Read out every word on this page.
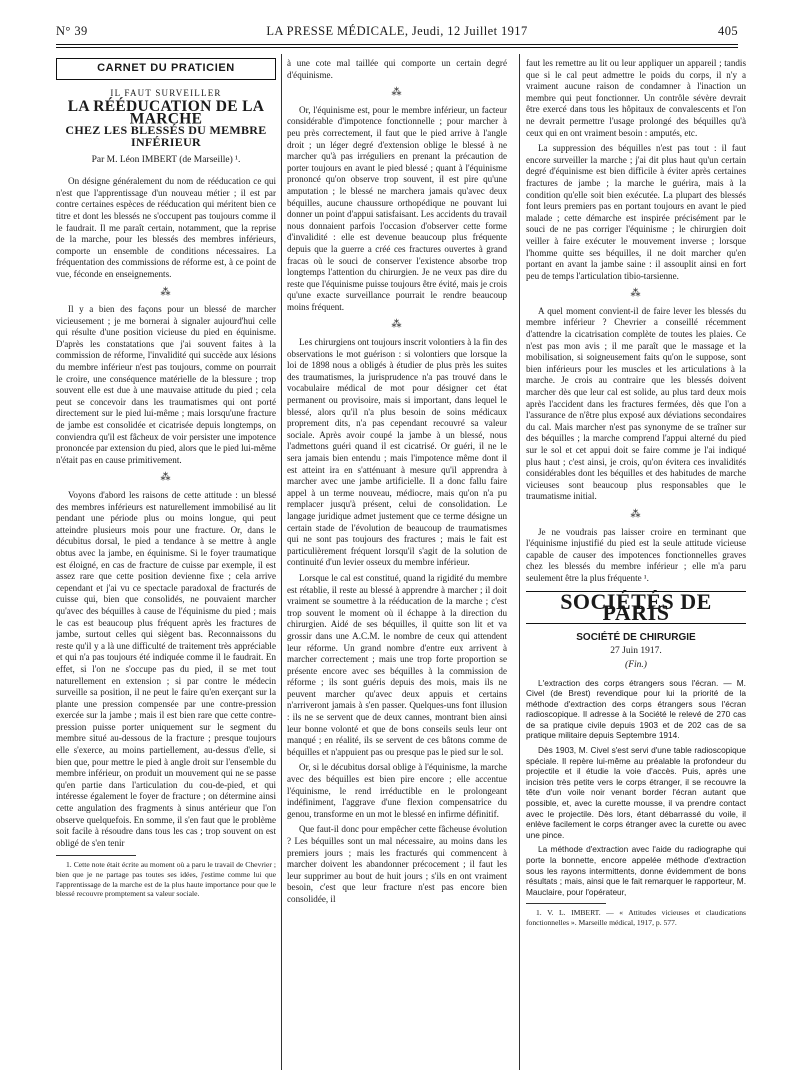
N° 39	LA PRESSE MÉDICALE, Jeudi, 12 Juillet 1917	405
CARNET DU PRATICIEN
IL FAUT SURVEILLER
LA RÉÉDUCATION DE LA MARCHE
CHEZ LES BLESSÉS DU MEMBRE INFÉRIEUR
Par M. Léon IMBERT (de Marseille) ¹.

On désigne généralement du nom de rééducation ce qui n'est que l'apprentissage d'un nouveau métier ; il est par contre certaines espèces de rééducation qui méritent bien ce titre et dont les blessés ne s'occupent pas toujours comme il le faudrait. Il me paraît certain, notamment, que la reprise de la marche, pour les blessés des membres inférieurs, comporte un ensemble de conditions nécessaires. La fréquentation des commissions de réforme est, à ce point de vue, féconde en enseignements.

⁂

Il y a bien des façons pour un blessé de marcher vicieusement ; je me bornerai à signaler aujourd'hui celle qui résulte d'une position vicieuse du pied en équinisme. D'après les constatations que j'ai souvent faites à la commission de réforme, l'invalidité qui succède aux lésions du membre inférieur n'est pas toujours, comme on pourrait le croire, une conséquence matérielle de la blessure ; trop souvent elle est due à une mauvaise attitude du pied ; cela peut se concevoir dans les traumatismes qui ont porté directement sur le pied lui-même ; mais lorsqu'une fracture de jambe est consolidée et cicatrisée depuis longtemps, on conviendra qu'il est fâcheux de voir persister une impotence prononcée par extension du pied, alors que le pied lui-même n'était pas en cause primitivement.

⁂

Voyons d'abord les raisons de cette attitude : un blessé des membres inférieurs est naturellement immobilisé au lit pendant une période plus ou moins longue, qui peut atteindre plusieurs mois pour une fracture. Or, dans le décubitus dorsal, le pied a tendance à se mettre à angle obtus avec la jambe, en équinisme. Si le foyer traumatique est éloigné, en cas de fracture de cuisse par exemple, il est assez rare que cette position devienne fixe ; cela arrive cependant et j'ai vu ce spectacle paradoxal de fracturés de cuisse qui, bien que consolidés, ne pouvaient marcher qu'avec des béquilles à cause de l'équinisme du pied ; mais le cas est beaucoup plus fréquent après les fractures de jambe, surtout celles qui siègent bas. Reconnaissons du reste qu'il y a là une difficulté de traitement très appréciable et qui n'a pas toujours été indiquée comme il le faudrait. En effet, si l'on ne s'occupe pas du pied, il se met tout naturellement en extension ; si par contre le médecin surveille sa position, il ne peut le faire qu'en exerçant sur la plante une pression compensée par une contre-pression exercée sur la jambe ; mais il est bien rare que cette contre-pression puisse porter uniquement sur le segment du membre situé au-dessous de la fracture ; presque toujours elle s'exerce, au moins partiellement, au-dessus d'elle, si bien que, pour mettre le pied à angle droit sur l'ensemble du membre inférieur, on produit un mouvement qui ne se passe qu'en partie dans l'articulation du cou-de-pied, et qui intéresse également le foyer de fracture ; on détermine ainsi cette angulation des fragments à sinus antérieur que l'on observe quelquefois. En somme, il s'en faut que le problème soit facile à résoudre dans tous les cas ; trop souvent on est obligé de s'en tenir

1. Cette note était écrite au moment où a paru le travail de Chevrier ; bien que je ne partage pas toutes ses idées, j'estime comme lui que l'apprentissage de la marche est de la plus haute importance pour que le blessé recouvre promptement sa valeur sociale.

à une cote mal taillée qui comporte un certain degré d'équinisme.

⁂

Or, l'équinisme est, pour le membre inférieur, un facteur considérable d'impotence fonctionnelle ; pour marcher à peu près correctement, il faut que le pied arrive à l'angle droit ; un léger degré d'extension oblige le blessé à ne marcher qu'à pas irréguliers en prenant la précaution de porter toujours en avant le pied blessé ; quant à l'équinisme prononcé qu'on observe trop souvent, il est pire qu'une amputation ; le blessé ne marchera jamais qu'avec deux béquilles, aucune chaussure orthopédique ne pouvant lui donner un point d'appui satisfaisant. Les accidents du travail nous donnaient parfois l'occasion d'observer cette forme d'invalidité : elle est devenue beaucoup plus fréquente depuis que la guerre a créé ces fractures ouvertes à grand fracas où le souci de conserver l'existence absorbe trop longtemps l'attention du chirurgien. Je ne veux pas dire du reste que l'équinisme puisse toujours être évité, mais je crois qu'une exacte surveillance pourrait le rendre beaucoup moins fréquent.

⁂

Les chirurgiens ont toujours inscrit volontiers à la fin des observations le mot guérison : si volontiers que lorsque la loi de 1898 nous a obligés à étudier de plus près les suites des traumatismes, la jurisprudence n'a pas trouvé dans le vocabulaire médical de mot pour désigner cet état permanent ou provisoire, mais si important, dans lequel le blessé, alors qu'il n'a plus besoin de soins médicaux proprement dits, n'a pas cependant recouvré sa valeur sociale. Après avoir coupé la jambe à un blessé, nous l'admettons guéri quand il est cicatrisé. Or guéri, il ne le sera jamais bien entendu ; mais l'impotence même dont il est atteint ira en s'atténuant à mesure qu'il apprendra à marcher avec une jambe artificielle. Il a donc fallu faire appel à un terme nouveau, médiocre, mais qu'on n'a pu remplacer jusqu'à présent, celui de consolidation. Le langage juridique admet justement que ce terme désigne un certain stade de l'évolution de beaucoup de traumatismes qui ne sont pas toujours des fractures ; mais le fait est particulièrement fréquent lorsqu'il s'agit de la solution de continuité d'un levier osseux du membre inférieur.

Lorsque le cal est constitué, quand la rigidité du membre est rétablie, il reste au blessé à apprendre à marcher ; il doit vraiment se soumettre à la rééducation de la marche ; c'est trop souvent le moment où il échappe à la direction du chirurgien. Aidé de ses béquilles, il quitte son lit et va grossir dans une A.C.M. le nombre de ceux qui attendent leur réforme. Un grand nombre d'entre eux arrivent à marcher correctement ; mais une trop forte proportion se présente encore avec ses béquilles à la commission de réforme ; ils sont guéris depuis des mois, mais ils ne peuvent marcher qu'avec deux appuis et certains n'arriveront jamais à s'en passer. Quelques-uns font illusion : ils ne se servent que de deux cannes, montrant bien ainsi leur bonne volonté et que de bons conseils seuls leur ont manqué ; en réalité, ils se servent de ces bâtons comme de béquilles et n'appuient pas ou presque pas le pied sur le sol.

Or, si le décubitus dorsal oblige à l'équinisme, la marche avec des béquilles est bien pire encore ; elle accentue l'équinisme, le rend irréductible en le prolongeant indéfiniment, l'aggrave d'une flexion compensatrice du genou, transforme en un mot le blessé en infirme définitif.

Que faut-il donc pour empêcher cette fâcheuse évolution ? Les béquilles sont un mal nécessaire, au moins dans les premiers jours ; mais les fracturés qui commencent à marcher doivent les abandonner précocement ; il faut les leur supprimer au bout de huit jours ; s'ils en ont vraiment besoin, c'est que leur fracture n'est pas encore bien consolidée, il

faut les remettre au lit ou leur appliquer un appareil ; tandis que si le cal peut admettre le poids du corps, il n'y a vraiment aucune raison de condamner à l'inaction un membre qui peut fonctionner. Un contrôle sévère devrait être exercé dans tous les hôpitaux de convalescents et l'on ne devrait permettre l'usage prolongé des béquilles qu'à ceux qui en ont vraiment besoin : amputés, etc.

La suppression des béquilles n'est pas tout : il faut encore surveiller la marche ; j'ai dit plus haut qu'un certain degré d'équinisme est bien difficile à éviter après certaines fractures de jambe ; la marche le guérira, mais à la condition qu'elle soit bien exécutée. La plupart des blessés font leurs premiers pas en portant toujours en avant le pied malade ; cette démarche est inspirée précisément par le souci de ne pas corriger l'équinisme ; le chirurgien doit veiller à faire exécuter le mouvement inverse ; lorsque l'homme quitte ses béquilles, il ne doit marcher qu'en portant en avant la jambe saine : il assouplit ainsi en fort peu de temps l'articulation tibio-tarsienne.

⁂

A quel moment convient-il de faire lever les blessés du membre inférieur ? Chevrier a conseillé récemment d'attendre la cicatrisation complète de toutes les plaies. Ce n'est pas mon avis ; il me paraît que le massage et la mobilisation, si soigneusement faits qu'on le suppose, sont bien inférieurs pour les muscles et les articulations à la marche. Je crois au contraire que les blessés doivent marcher dès que leur cal est solide, au plus tard deux mois après l'accident dans les fractures fermées, dès que l'on a l'assurance de n'être plus exposé aux déviations secondaires du cal. Mais marcher n'est pas synonyme de se traîner sur des béquilles ; la marche comprend l'appui alterné du pied sur le sol et cet appui doit se faire comme je l'ai indiqué plus haut ; c'est ainsi, je crois, qu'on évitera ces invalidités considérables dont les béquilles et des habitudes de marche vicieuses sont beaucoup plus responsables que le traumatisme initial.

⁂

Je ne voudrais pas laisser croire en terminant que l'équinisme injustifié du pied est la seule attitude vicieuse capable de causer des impotences fonctionnelles graves chez les blessés du membre inférieur ; elle m'a paru seulement être la plus fréquente ¹.

SOCIÉTÉS DE PARIS
SOCIÉTÉ DE CHIRURGIE
27 Juin 1917.
(Fin.)

L'extraction des corps étrangers sous l'écran. — M. Civel (de Brest) revendique pour lui la priorité de la méthode d'extraction des corps étrangers sous l'écran radioscopique. Il adresse à la Société le relevé de 270 cas de sa pratique civile depuis 1903 et de 202 cas de sa pratique militaire depuis Septembre 1914.

Dès 1903, M. Civel s'est servi d'une table radioscopique spéciale. Il repère lui-même au préalable la profondeur du projectile et il étudie la voie d'accès. Puis, après une incision très petite vers le corps étranger, il se recouvre la tête d'un voile noir venant border l'écran autant que possible, et, avec la curette mousse, il va prendre contact avec le projectile. Dès lors, étant débarrassé du voile, il enlève facilement le corps étranger avec la curette ou avec une pince.

La méthode d'extraction avec l'aide du radiographe qui porte la bonnette, encore appelée méthode d'extraction sous les rayons intermittents, donne évidemment de bons résultats ; mais, ainsi que le fait remarquer le rapporteur, M. Mauclaire, pour l'opérateur,

1. V. L. IMBERT. — « Attitudes vicieuses et claudications fonctionnelles ». Marseille médical, 1917, p. 577.
